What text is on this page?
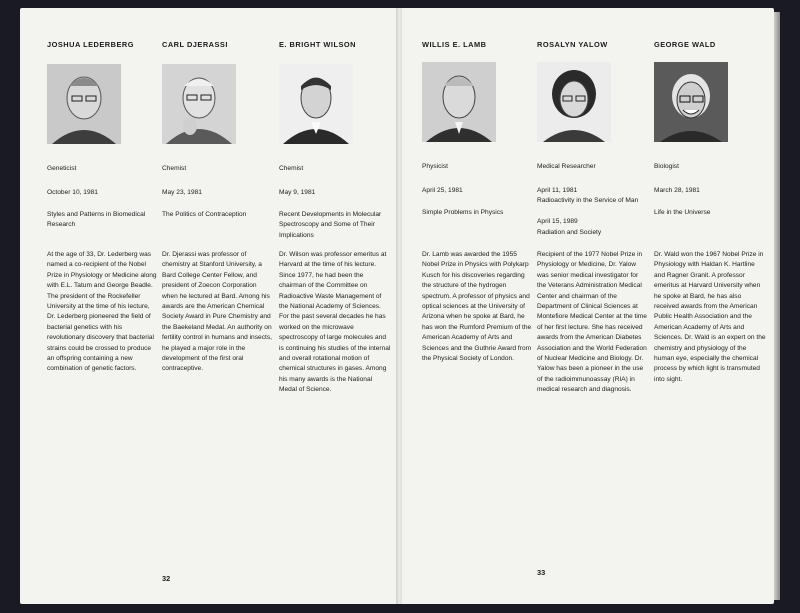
JOSHUA LEDERBERG
Geneticist
October 10, 1981
Styles and Patterns in Biomedical Research
At the age of 33, Dr. Lederberg was named a co-recipient of the Nobel Prize in Physiology or Medicine along with E.L. Tatum and George Beadle. The president of the Rockefeller University at the time of his lecture, Dr. Lederberg pioneered the field of bacterial genetics with his revolutionary discovery that bacterial strains could be crossed to produce an offspring containing a new combination of genetic factors.
CARL DJERASSI
Chemist
May 23, 1981
The Politics of Contraception
Dr. Djerassi was professor of chemistry at Stanford University, a Bard College Center Fellow, and president of Zoecon Corporation when he lectured at Bard. Among his awards are the American Chemical Society Award in Pure Chemistry and the Baekeland Medal. An authority on fertility control in humans and insects, he played a major role in the development of the first oral contraceptive.
E. BRIGHT WILSON
Chemist
May 9, 1981
Recent Developments in Molecular Spectroscopy and Some of Their Implications
Dr. Wilson was professor emeritus at Harvard at the time of his lecture. Since 1977, he had been the chairman of the Committee on Radioactive Waste Management of the National Academy of Sciences. For the past several decades he has worked on the microwave spectroscopy of large molecules and is continuing his studies of the internal and overall rotational motion of chemical structures in gases. Among his many awards is the National Medal of Science.
32
WILLIS E. LAMB
Physicist
April 25, 1981
Simple Problems in Physics
Dr. Lamb was awarded the 1955 Nobel Prize in Physics with Polykarp Kusch for his discoveries regarding the structure of the hydrogen spectrum. A professor of physics and optical sciences at the University of Arizona when he spoke at Bard, he has won the Rumford Premium of the American Academy of Arts and Sciences and the Guthrie Award from the Physical Society of London.
ROSALYN YALOW
Medical Researcher
April 11, 1981
Radioactivity in the Service of Man
April 15, 1989
Radiation and Society
Recipient of the 1977 Nobel Prize in Physiology or Medicine, Dr. Yalow was senior medical investigator for the Veterans Administration Medical Center and chairman of the Department of Clinical Sciences at Montefiore Medical Center at the time of her first lecture. She has received awards from the American Diabetes Association and the World Federation of Nuclear Medicine and Biology. Dr. Yalow has been a pioneer in the use of the radioimmunoassay (RIA) in medical research and diagnosis.
GEORGE WALD
Biologist
March 28, 1981
Life in the Universe
Dr. Wald won the 1967 Nobel Prize in Physiology with Haldan K. Hartline and Ragner Granit. A professor emeritus at Harvard University when he spoke at Bard, he has also received awards from the American Public Health Association and the American Academy of Arts and Sciences. Dr. Wald is an expert on the chemistry and physiology of the human eye, especially the chemical process by which light is transmuted into sight.
33
